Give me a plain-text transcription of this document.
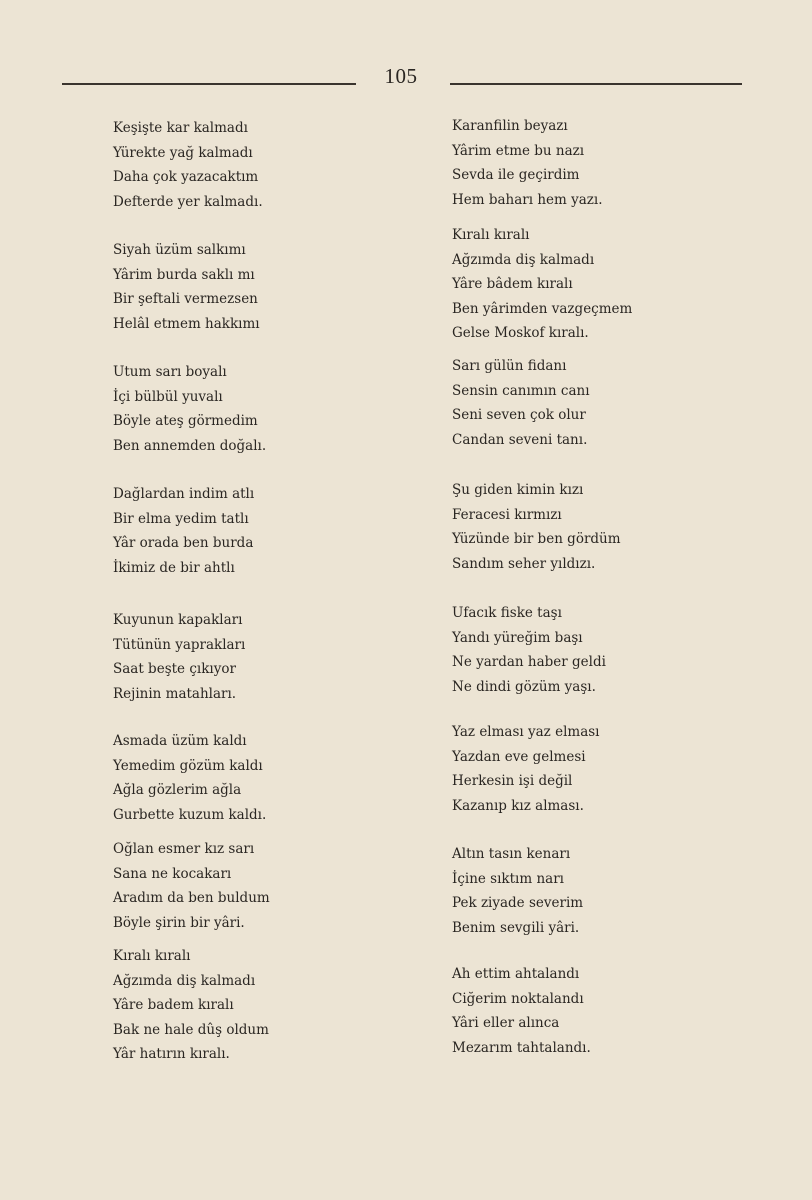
105
Keşişte kar kalmadı
Yürekte yağ kalmadı
Daha çok yazacaktım
Defterde yer kalmadı.
Siyah üzüm salkımı
Yârim burda saklı mı
Bir şeftali vermezsen
Helâl etmem hakkımı
Utum sarı boyalı
İçi bülbül yuvalı
Böyle ateş görmedim
Ben annemden doğalı.
Dağlardan indim atlı
Bir elma yedim tatlı
Yâr orada ben burda
İkimiz de bir ahtlı
Kuyunun kapakları
Tütünün yaprakları
Saat beşte çıkıyor
Rejinin matahları.
Asmada üzüm kaldı
Yemedim gözüm kaldı
Ağla gözlerim ağla
Gurbette kuzum kaldı.
Oğlan esmer kız sarı
Sana ne kocakarı
Aradım da ben buldum
Böyle şirin bir yâri.
Kıralı kıralı
Ağzımda diş kalmadı
Yâre badem kıralı
Bak ne hale dûş oldum
Yâr hatırın kıralı.
Karanfilin beyazı
Yârim etme bu nazı
Sevda ile geçirdim
Hem baharı hem yazı.
Kıralı kıralı
Ağzımda diş kalmadı
Yâre bâdem kıralı
Ben yârimden vazgeçmem
Gelse Moskof kıralı.
Sarı gülün fidanı
Sensin canımın canı
Seni seven çok olur
Candan seveni tanı.
Şu giden kimin kızı
Feracesi kırmızı
Yüzünde bir ben gördüm
Sandım seher yıldızı.
Ufacık fiske taşı
Yandı yüreğim başı
Ne yardan haber geldi
Ne dindi gözüm yaşı.
Yaz elması yaz elması
Yazdan eve gelmesi
Herkesin işi değil
Kazanıp kız alması.
Altın tasın kenarı
İçine sıktım narı
Pek ziyade severim
Benim sevgili yâri.
Ah ettim ahtalandı
Ciğerim noktalandı
Yâri eller alınca
Mezarım tahtalandı.
